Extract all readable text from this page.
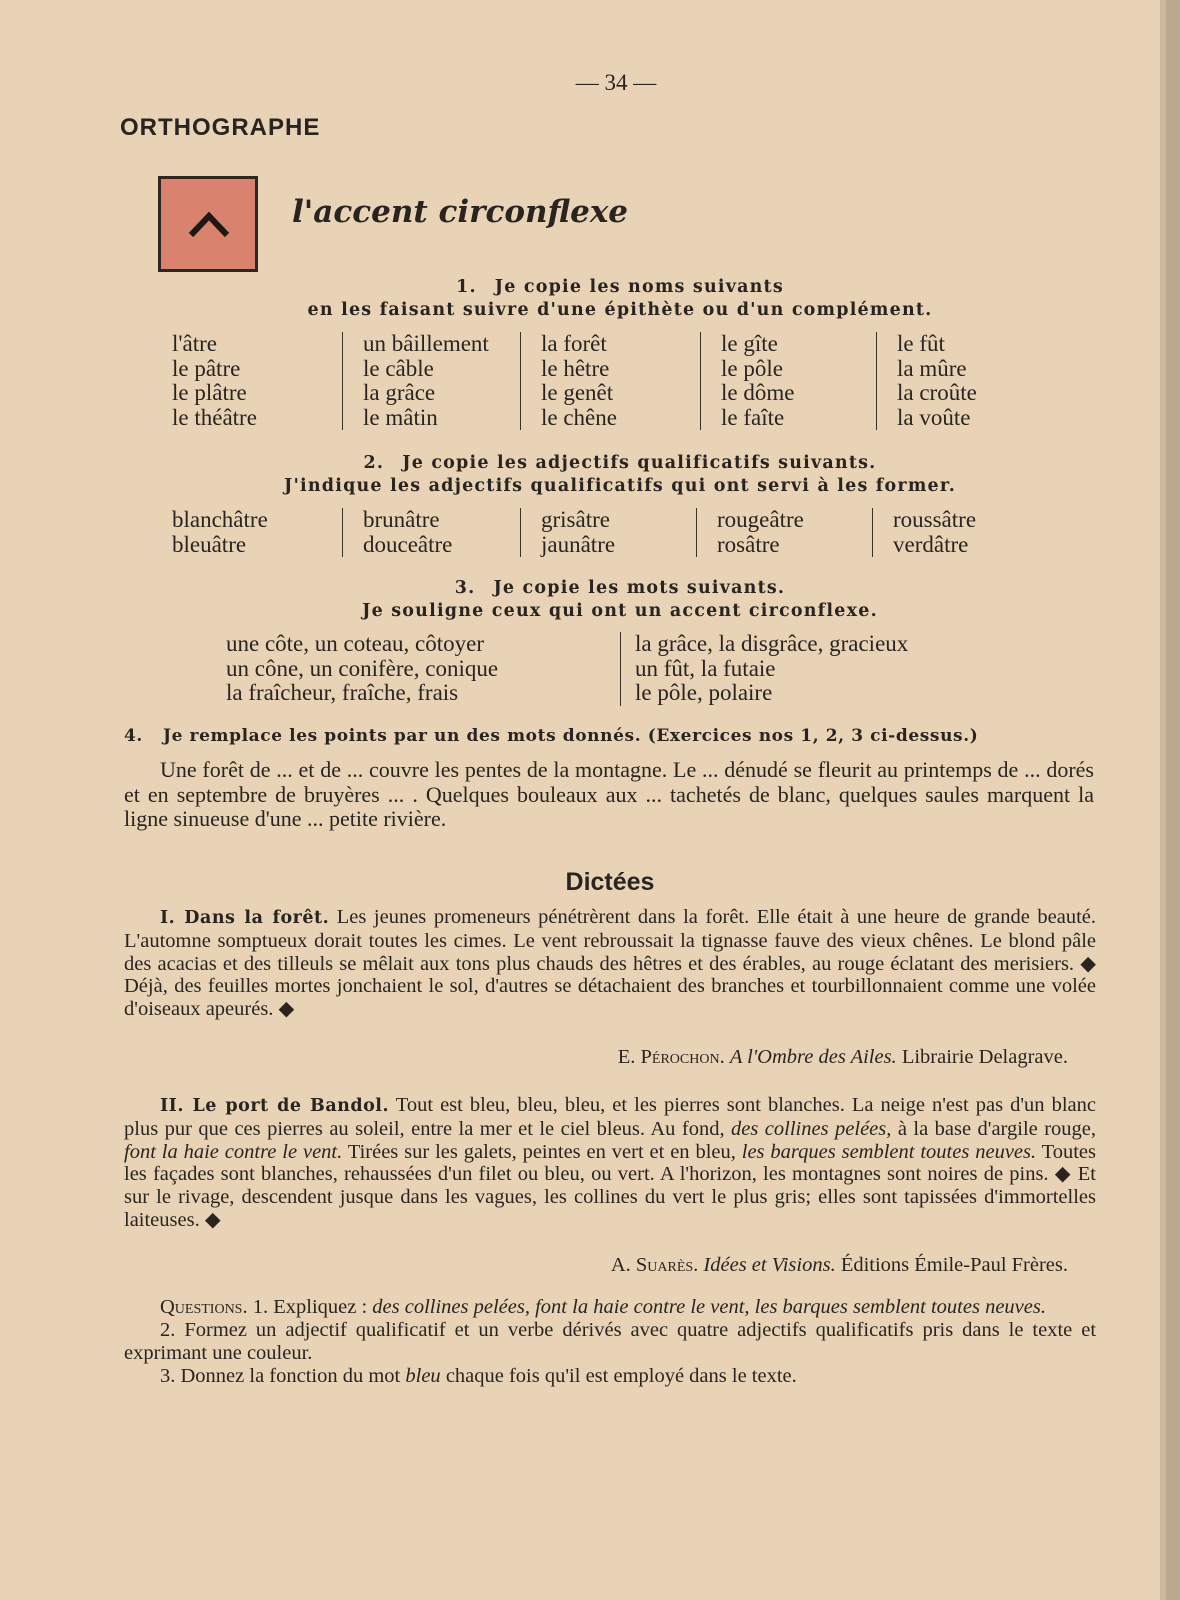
— 34 —
ORTHOGRAPHE
l'accent circonflexe
1. Je copie les noms suivants
en les faisant suivre d'une épithète ou d'un complément.
l'âtre
le pâtre
le plâtre
le théâtre
un bâillement
le câble
la grâce
le mâtin
la forêt
le hêtre
le genêt
le chêne
le gîte
le pôle
le dôme
le faîte
le fût
la mûre
la croûte
la voûte
2. Je copie les adjectifs qualificatifs suivants.
J'indique les adjectifs qualificatifs qui ont servi à les former.
blanchâtre
bleuâtre
brunâtre
douceâtre
grisâtre
jaunâtre
rougeâtre
rosâtre
roussâtre
verdâtre
3. Je copie les mots suivants.
Je souligne ceux qui ont un accent circonflexe.
une côte, un coteau, côtoyer
un cône, un conifère, conique
la fraîcheur, fraîche, frais
la grâce, la disgrâce, gracieux
un fût, la futaie
le pôle, polaire
4. Je remplace les points par un des mots donnés. (Exercices nos 1, 2, 3 ci-dessus.)
Une forêt de ... et de ... couvre les pentes de la montagne. Le ... dénudé se fleurit au printemps de ... dorés et en septembre de bruyères ... . Quelques bouleaux aux ... tachetés de blanc, quelques saules marquent la ligne sinueuse d'une ... petite rivière.
Dictées
I. Dans la forêt. Les jeunes promeneurs pénétrèrent dans la forêt. Elle était à une heure de grande beauté. L'automne somptueux dorait toutes les cimes. Le vent rebroussait la tignasse fauve des vieux chênes. Le blond pâle des acacias et des tilleuls se mêlait aux tons plus chauds des hêtres et des érables, au rouge éclatant des merisiers. ◆ Déjà, des feuilles mortes jonchaient le sol, d'autres se détachaient des branches et tourbillonnaient comme une volée d'oiseaux apeurés. ◆
E. Pérochon. A l'Ombre des Ailes. Librairie Delagrave.
II. Le port de Bandol. Tout est bleu, bleu, bleu, et les pierres sont blanches. La neige n'est pas d'un blanc plus pur que ces pierres au soleil, entre la mer et le ciel bleus. Au fond, des collines pelées, à la base d'argile rouge, font la haie contre le vent. Tirées sur les galets, peintes en vert et en bleu, les barques semblent toutes neuves. Toutes les façades sont blanches, rehaussées d'un filet ou bleu, ou vert. A l'horizon, les montagnes sont noires de pins. ◆ Et sur le rivage, descendent jusque dans les vagues, les collines du vert le plus gris; elles sont tapissées d'immortelles laiteuses. ◆
A. Suarès. Idées et Visions. Éditions Émile-Paul Frères.

Questions. 1. Expliquez : des collines pelées, font la haie contre le vent, les barques semblent toutes neuves.

2. Formez un adjectif qualificatif et un verbe dérivés avec quatre adjectifs qualificatifs pris dans le texte et exprimant une couleur.

3. Donnez la fonction du mot bleu chaque fois qu'il est employé dans le texte.
